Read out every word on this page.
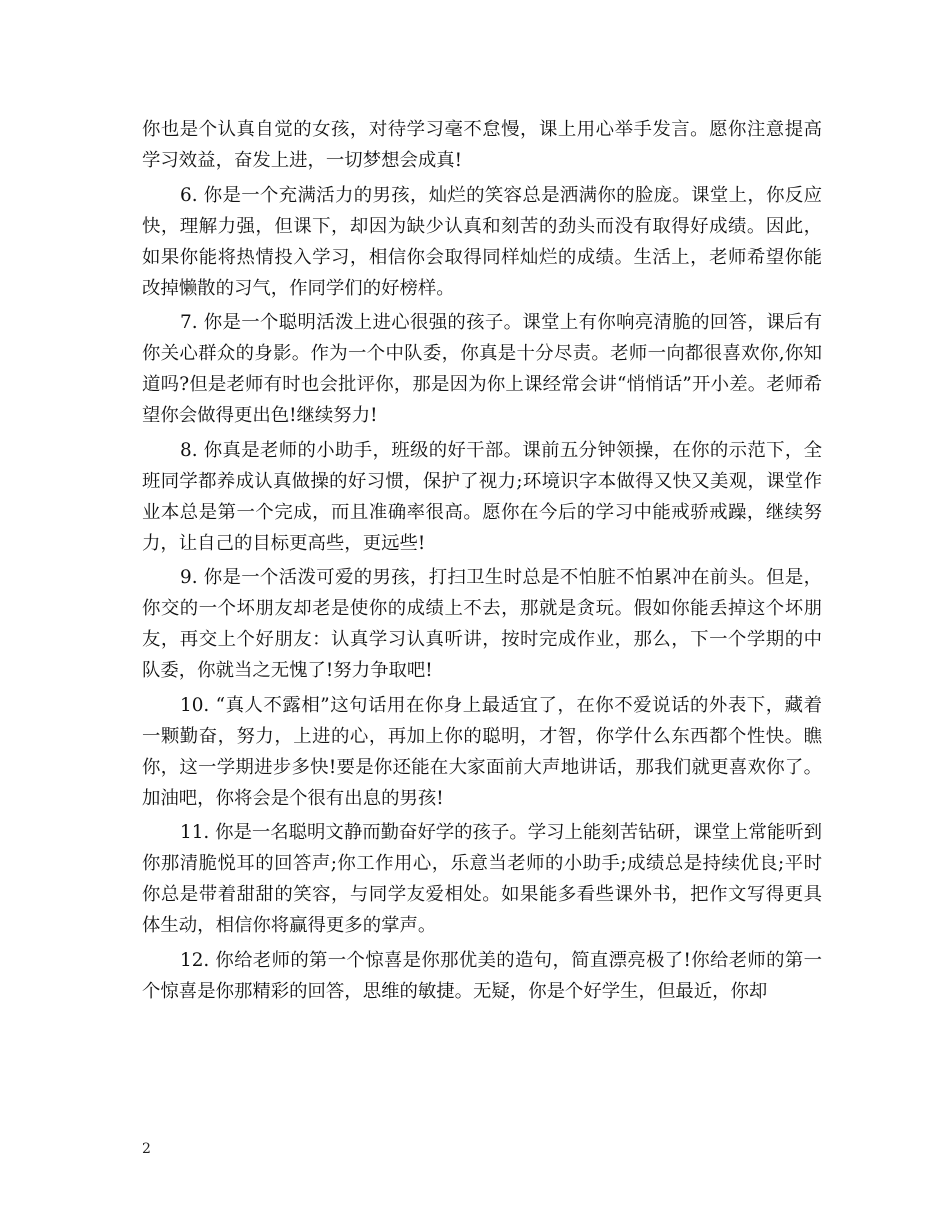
你也是个认真自觉的女孩，对待学习毫不怠慢，课上用心举手发言。愿你注意提高学习效益，奋发上进，一切梦想会成真!

6. 你是一个充满活力的男孩，灿烂的笑容总是洒满你的脸庞。课堂上，你反应快，理解力强，但课下，却因为缺少认真和刻苦的劲头而没有取得好成绩。因此，如果你能将热情投入学习，相信你会取得同样灿烂的成绩。生活上，老师希望你能改掉懒散的习气，作同学们的好榜样。

7. 你是一个聪明活泼上进心很强的孩子。课堂上有你响亮清脆的回答，课后有你关心群众的身影。作为一个中队委，你真是十分尽责。老师一向都很喜欢你,你知道吗?但是老师有时也会批评你，那是因为你上课经常会讲“悄悄话”开小差。老师希望你会做得更出色!继续努力!

8. 你真是老师的小助手，班级的好干部。课前五分钟领操，在你的示范下，全班同学都养成认真做操的好习惯，保护了视力;环境识字本做得又快又美观，课堂作业本总是第一个完成，而且准确率很高。愿你在今后的学习中能戒骄戒躁，继续努力，让自己的目标更高些，更远些!

9. 你是一个活泼可爱的男孩，打扫卫生时总是不怕脏不怕累冲在前头。但是，你交的一个坏朋友却老是使你的成绩上不去，那就是贪玩。假如你能丢掉这个坏朋友，再交上个好朋友：认真学习认真听讲，按时完成作业，那么，下一个学期的中队委，你就当之无愧了!努力争取吧!

10. “真人不露相”这句话用在你身上最适宜了，在你不爱说话的外表下，藏着一颗勤奋，努力，上进的心，再加上你的聪明，才智，你学什么东西都个性快。瞧你，这一学期进步多快!要是你还能在大家面前大声地讲话，那我们就更喜欢你了。加油吧，你将会是个很有出息的男孩!

11. 你是一名聪明文静而勤奋好学的孩子。学习上能刻苦钻研，课堂上常能听到你那清脆悦耳的回答声;你工作用心，乐意当老师的小助手;成绩总是持续优良;平时你总是带着甜甜的笑容，与同学友爱相处。如果能多看些课外书，把作文写得更具体生动，相信你将赢得更多的掌声。

12. 你给老师的第一个惊喜是你那优美的造句，简直漂亮极了!你给老师的第一个惊喜是你那精彩的回答，思维的敏捷。无疑，你是个好学生，但最近，你却

2
